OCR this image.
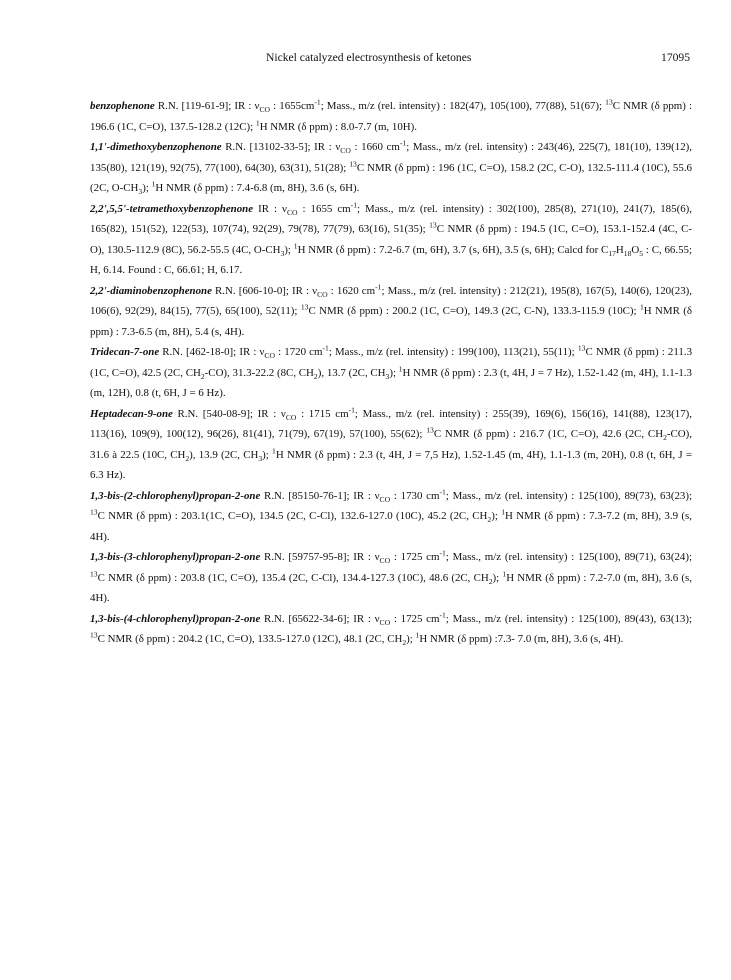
Nickel catalyzed electrosynthesis of ketones	17095

benzophenone R.N. [119-61-9]; IR : $\nu_{CO}$ : $1655cm^{-1}$; Mass., m/z (rel. intensity) : 182(47), 105(100), 77(88), 51(67); $^{13}$C NMR (δ ppm) : 196.6 (1C, C=O), 137.5-128.2 (12C); $^1$H NMR (δ ppm) : 8.0-7.7 (m, 10H).

1,1'-dimethoxybenzophenone R.N. [13102-33-5]; IR : $\nu_{CO}$ : 1660 $cm^{-1}$; Mass., m/z (rel. intensity) : 243(46), 225(7), 181(10), 139(12), 135(80), 121(19), 92(75), 77(100), 64(30), 63(31), 51(28); $^{13}$C NMR (δ ppm) : 196 (1C, C=O), 158.2 (2C, C-O), 132.5-111.4 (10C), 55.6 (2C, $O-CH_3$); $^1$H NMR (δ ppm) : 7.4-6.8 (m, 8H), 3.6 (s, 6H).

2,2',5,5'-tetramethoxybenzophenone IR : $\nu_{CO}$ : 1655 $cm^{-1}$; Mass., m/z (rel. intensity) : 302(100), 285(8), 271(10), 241(7), 185(6), 165(82), 151(52), 122(53), 107(74), 92(29), 79(78), 77(79), 63(16), 51(35); $^{13}$C NMR (δ ppm) : 194.5 (1C, C=O), 153.1-152.4 (4C, C-O), 130.5-112.9 (8C), 56.2-55.5 (4C, $O-CH_3$); $^1$H NMR (δ ppm) : 7.2-6.7 (m, 6H), 3.7 (s, 6H), 3.5 (s, 6H); Calcd for $C_{17}H_{18}O_5$ : C, 66.55; H, 6.14. Found : C, 66.61; H, 6.17.

2,2'-diaminobenzophenone R.N. [606-10-0]; IR : $\nu_{CO}$ : 1620 $cm^{-1}$; Mass., m/z (rel. intensity) : 212(21), 195(8), 167(5), 140(6), 120(23), 106(6), 92(29), 84(15), 77(5), 65(100), 52(11); $^{13}$C NMR (δ ppm) : 200.2 (1C, C=O), 149.3 (2C, C-N), 133.3-115.9 (10C); $^1$H NMR (δ ppm) : 7.3-6.5 (m, 8H), 5.4 (s, 4H).

Tridecan-7-one R.N. [462-18-0]; IR : $\nu_{CO}$ : 1720 $cm^{-1}$; Mass., m/z (rel. intensity) : 199(100), 113(21), 55(11); $^{13}$C NMR (δ ppm) : 211.3 (1C, C=O), 42.5 (2C, $CH_2-CO$), 31.3-22.2 (8C, $CH_2$), 13.7 (2C, $CH_3$); $^1$H NMR (δ ppm) : 2.3 (t, 4H, J = 7 Hz), 1.52-1.42 (m, 4H), 1.1-1.3 (m, 12H), 0.8 (t, 6H, J = 6 Hz).

Heptadecan-9-one R.N. [540-08-9]; IR : $\nu_{CO}$ : 1715 $cm^{-1}$; Mass., m/z (rel. intensity) : 255(39), 169(6), 156(16), 141(88), 123(17), 113(16), 109(9), 100(12), 96(26), 81(41), 71(79), 67(19), 57(100), 55(62); $^{13}$C NMR (δ ppm) : 216.7 (1C, C=O), 42.6 (2C, $CH_2-CO$), 31.6 à 22.5 (10C, $CH_2$), 13.9 (2C, $CH_3$); $^1$H NMR (δ ppm) : 2.3 (t, 4H, J = 7,5 Hz), 1.52-1.45 (m, 4H), 1.1-1.3 (m, 20H), 0.8 (t, 6H, J = 6.3 Hz).

1,3-bis-(2-chlorophenyl)propan-2-one R.N. [85150-76-1]; IR : $\nu_{CO}$ : 1730 $cm^{-1}$; Mass., m/z (rel. intensity) : 125(100), 89(73), 63(23); $^{13}$C NMR (δ ppm) : 203.1(1C, C=O), 134.5 (2C, C-Cl), 132.6-127.0 (10C), 45.2 (2C, $CH_2$); $^1$H NMR (δ ppm) : 7.3-7.2 (m, 8H), 3.9 (s, 4H).

1,3-bis-(3-chlorophenyl)propan-2-one R.N. [59757-95-8]; IR : $\nu_{CO}$ : 1725 $cm^{-1}$; Mass., m/z (rel. intensity) : 125(100), 89(71), 63(24); $^{13}$C NMR (δ ppm) : 203.8 (1C, C=O), 135.4 (2C, C-Cl), 134.4-127.3 (10C), 48.6 (2C, $CH_2$); $^1$H NMR (δ ppm) : 7.2-7.0 (m, 8H), 3.6 (s, 4H).

1,3-bis-(4-chlorophenyl)propan-2-one R.N. [65622-34-6]; IR : $\nu_{CO}$ : 1725 $cm^{-1}$; Mass., m/z (rel. intensity) : 125(100), 89(43), 63(13); $^{13}$C NMR (δ ppm) : 204.2 (1C, C=O), 133.5-127.0 (12C), 48.1 (2C, $CH_2$); $^1$H NMR (δ ppm) :7.3- 7.0 (m, 8H), 3.6 (s, 4H).
